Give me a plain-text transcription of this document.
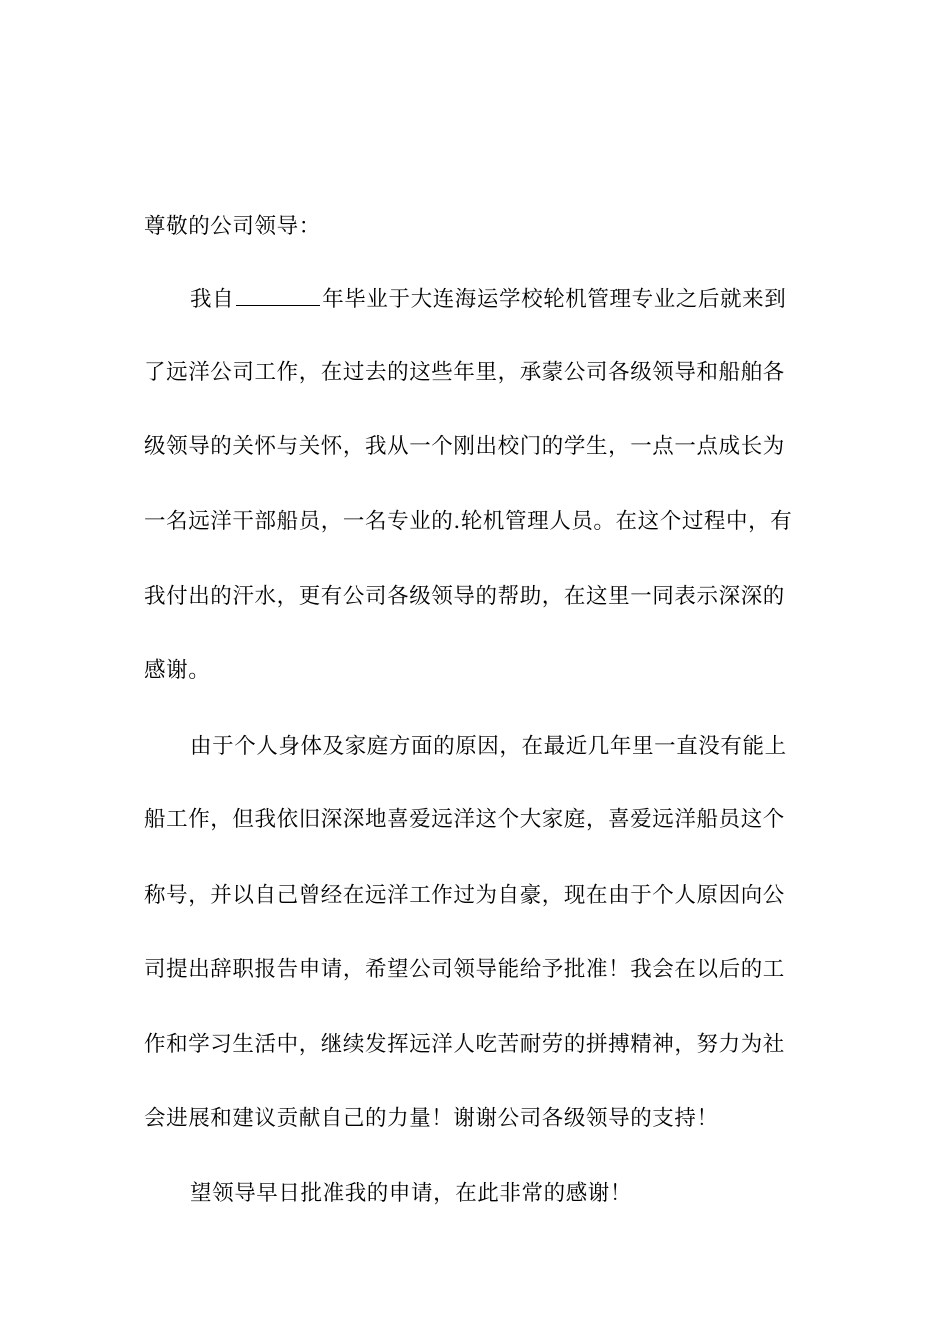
尊敬的公司领导：
我自	年毕业于大连海运学校轮机管理专业之后就来到
了远洋公司工作，在过去的这些年里，承蒙公司各级领导和船舶各
级领导的关怀与关怀，我从一个刚出校门的学生，一点一点成长为
一名远洋干部船员，一名专业的.轮机管理人员。在这个过程中，有
我付出的汗水，更有公司各级领导的帮助，在这里一同表示深深的
感谢。
由于个人身体及家庭方面的原因，在最近几年里一直没有能上
船工作，但我依旧深深地喜爱远洋这个大家庭，喜爱远洋船员这个
称号，并以自己曾经在远洋工作过为自豪，现在由于个人原因向公
司提出辞职报告申请，希望公司领导能给予批准！我会在以后的工
作和学习生活中，继续发挥远洋人吃苦耐劳的拼搏精神，努力为社
会进展和建议贡献自己的力量！谢谢公司各级领导的支持！
望领导早日批准我的申请，在此非常的感谢！
